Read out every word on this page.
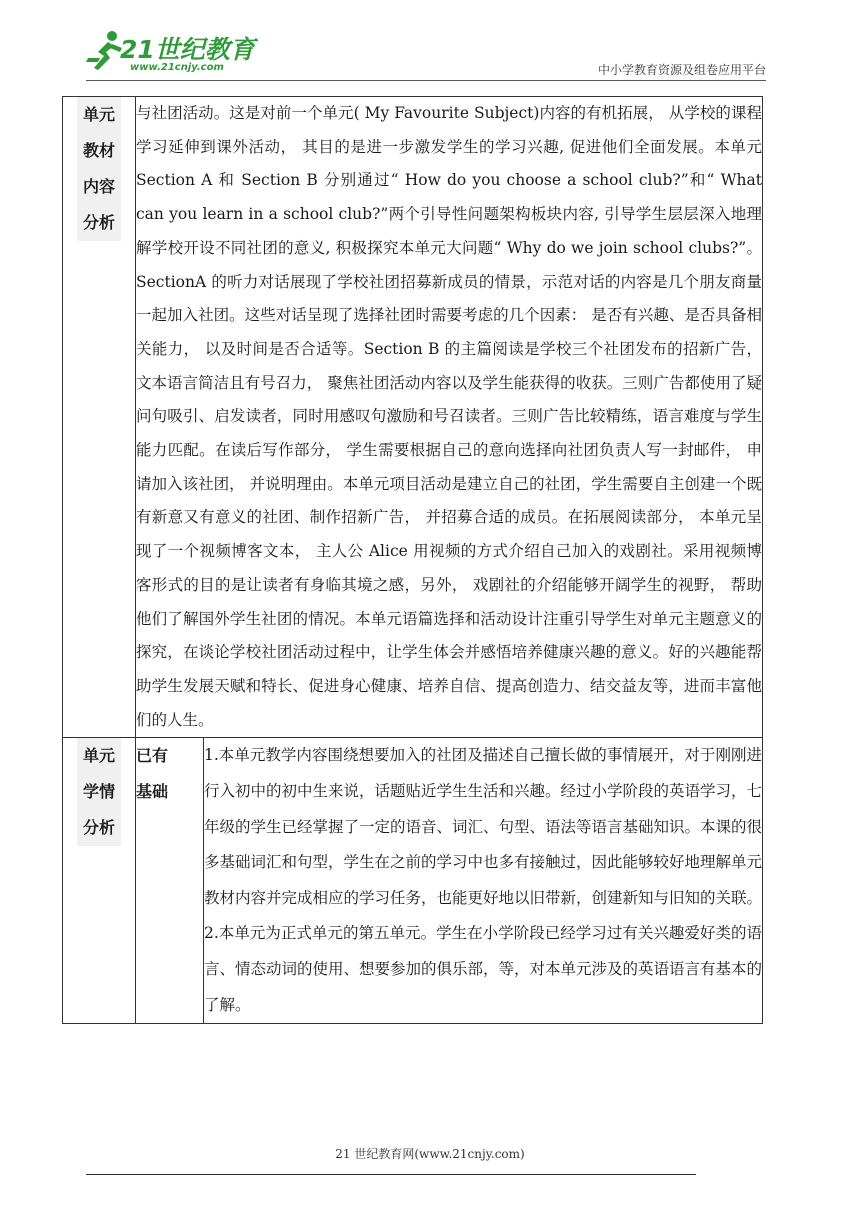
21世纪教育
www.21cnjy.com	中小学教育资源及组卷应用平台
单元教材内容分析	与社团活动。这是对前一个单元( My Favourite Subject)内容的有机拓展， 从学校的课程学习延伸到课外活动， 其目的是进一步激发学生的学习兴趣, 促进他们全面发展。本单元 Section A 和 Section B 分别通过“ How do you choose a school club?”和“ What can you learn in a school club?”两个引导性问题架构板块内容, 引导学生层层深入地理解学校开设不同社团的意义, 积极探究本单元大问题“ Why do we join school clubs?”。 SectionA 的听力对话展现了学校社团招募新成员的情景，示范对话的内容是几个朋友商量一起加入社团。这些对话呈现了选择社团时需要考虑的几个因素： 是否有兴趣、是否具备相关能力， 以及时间是否合适等。Section B 的主篇阅读是学校三个社团发布的招新广告， 文本语言简洁且有号召力， 聚焦社团活动内容以及学生能获得的收获。三则广告都使用了疑问句吸引、启发读者，同时用感叹句激励和号召读者。三则广告比较精练，语言难度与学生能力匹配。在读后写作部分， 学生需要根据自己的意向选择向社团负责人写一封邮件， 申请加入该社团， 并说明理由。本单元项目活动是建立自己的社团，学生需要自主创建一个既有新意又有意义的社团、制作招新广告， 并招募合适的成员。在拓展阅读部分， 本单元呈现了一个视频博客文本， 主人公 Alice 用视频的方式介绍自己加入的戏剧社。采用视频博客形式的目的是让读者有身临其境之感，另外， 戏剧社的介绍能够开阔学生的视野， 帮助他们了解国外学生社团的情况。本单元语篇选择和活动设计注重引导学生对单元主题意义的探究，在谈论学校社团活动过程中，让学生体会并感悟培养健康兴趣的意义。好的兴趣能帮助学生发展天赋和特长、促进身心健康、培养自信、提高创造力、结交益友等，进而丰富他们的人生。	
单元学情分析	已有基础	1.本单元教学内容围绕想要加入的社团及描述自己擅长做的事情展开，对于刚刚进行入初中的初中生来说，话题贴近学生生活和兴趣。经过小学阶段的英语学习，七年级的学生已经掌握了一定的语音、词汇、句型、语法等语言基础知识。本课的很多基础词汇和句型，学生在之前的学习中也多有接触过，因此能够较好地理解单元教材内容并完成相应的学习任务，也能更好地以旧带新，创建新知与旧知的关联。
2.本单元为正式单元的第五单元。学生在小学阶段已经学习过有关兴趣爱好类的语言、情态动词的使用、想要参加的俱乐部，等，对本单元涉及的英语语言有基本的了解。
21 世纪教育网(www.21cnjy.com)
